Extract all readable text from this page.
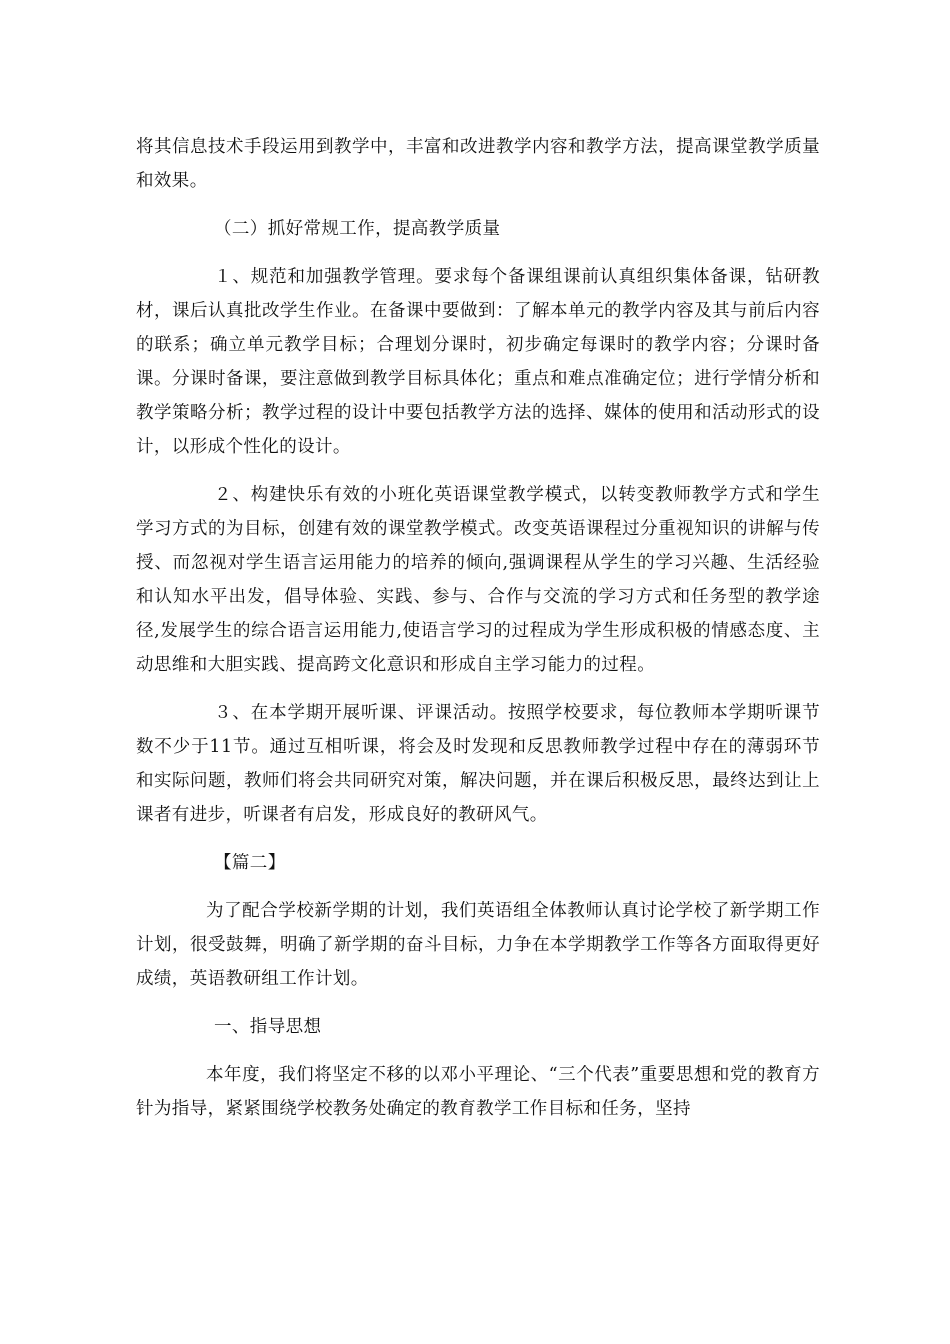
将其信息技术手段运用到教学中，丰富和改进教学内容和教学方法，提高课堂教学质量和效果。

（二）抓好常规工作，提高教学质量

１、规范和加强教学管理。要求每个备课组课前认真组织集体备课，钻研教材，课后认真批改学生作业。在备课中要做到：了解本单元的教学内容及其与前后内容的联系；确立单元教学目标；合理划分课时，初步确定每课时的教学内容；分课时备课。分课时备课，要注意做到教学目标具体化；重点和难点准确定位；进行学情分析和教学策略分析；教学过程的设计中要包括教学方法的选择、媒体的使用和活动形式的设计，以形成个性化的设计。

２、构建快乐有效的小班化英语课堂教学模式，以转变教师教学方式和学生学习方式的为目标，创建有效的课堂教学模式。改变英语课程过分重视知识的讲解与传授、而忽视对学生语言运用能力的培养的倾向,强调课程从学生的学习兴趣、生活经验和认知水平出发，倡导体验、实践、参与、合作与交流的学习方式和任务型的教学途径,发展学生的综合语言运用能力,使语言学习的过程成为学生形成积极的情感态度、主动思维和大胆实践、提高跨文化意识和形成自主学习能力的过程。

３、在本学期开展听课、评课活动。按照学校要求，每位教师本学期听课节数不少于11节。通过互相听课，将会及时发现和反思教师教学过程中存在的薄弱环节和实际问题，教师们将会共同研究对策，解决问题，并在课后积极反思，最终达到让上课者有进步，听课者有启发，形成良好的教研风气。

【篇二】

为了配合学校新学期的计划，我们英语组全体教师认真讨论学校了新学期工作计划，很受鼓舞，明确了新学期的奋斗目标，力争在本学期教学工作等各方面取得更好成绩，英语教研组工作计划。

一、指导思想

本年度，我们将坚定不移的以邓小平理论、“三个代表”重要思想和党的教育方针为指导，紧紧围绕学校教务处确定的教育教学工作目标和任务，坚持
